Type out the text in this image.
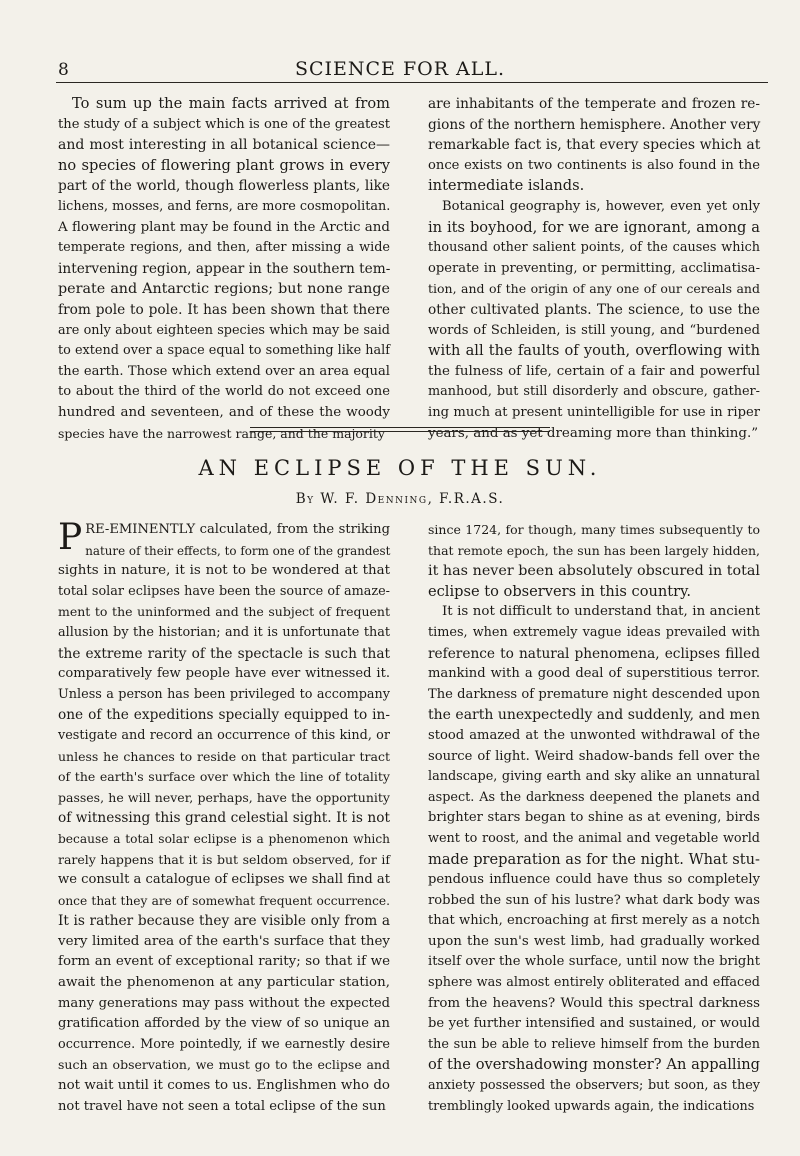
8	SCIENCE FOR ALL.
To sum up the main facts arrived at from
the study of a subject which is one of the greatest
and most interesting in all botanical science—
no species of flowering plant grows in every
part of the world, though flowerless plants, like
lichens, mosses, and ferns, are more cosmopolitan.
A flowering plant may be found in the Arctic and
temperate regions, and then, after missing a wide
intervening region, appear in the southern tem-
perate and Antarctic regions; but none range
from pole to pole. It has been shown that there
are only about eighteen species which may be said
to extend over a space equal to something like half
the earth. Those which extend over an area equal
to about the third of the world do not exceed one
hundred and seventeen, and of these the woody
species have the narrowest range, and the majority
are inhabitants of the temperate and frozen re-
gions of the northern hemisphere. Another very
remarkable fact is, that every species which at
once exists on two continents is also found in the
intermediate islands.
Botanical geography is, however, even yet only
in its boyhood, for we are ignorant, among a
thousand other salient points, of the causes which
operate in preventing, or permitting, acclimatisa-
tion, and of the origin of any one of our cereals and
other cultivated plants. The science, to use the
words of Schleiden, is still young, and “burdened
with all the faults of youth, overflowing with
the fulness of life, certain of a fair and powerful
manhood, but still disorderly and obscure, gather-
ing much at present unintelligible for use in riper
years, and as yet dreaming more than thinking.”
AN ECLIPSE OF THE SUN.
By W. F. Denning, F.R.A.S.
P RE-EMINENTLY calculated, from the striking
nature of their effects, to form one of the grandest
sights in nature, it is not to be wondered at that
total solar eclipses have been the source of amaze-
ment to the uninformed and the subject of frequent
allusion by the historian; and it is unfortunate that
the extreme rarity of the spectacle is such that
comparatively few people have ever witnessed it.
Unless a person has been privileged to accompany
one of the expeditions specially equipped to in-
vestigate and record an occurrence of this kind, or
unless he chances to reside on that particular tract
of the earth's surface over which the line of totality
passes, he will never, perhaps, have the opportunity
of witnessing this grand celestial sight. It is not
because a total solar eclipse is a phenomenon which
rarely happens that it is but seldom observed, for if
we consult a catalogue of eclipses we shall find at
once that they are of somewhat frequent occurrence.
It is rather because they are visible only from a
very limited area of the earth's surface that they
form an event of exceptional rarity; so that if we
await the phenomenon at any particular station,
many generations may pass without the expected
gratification afforded by the view of so unique an
occurrence. More pointedly, if we earnestly desire
such an observation, we must go to the eclipse and
not wait until it comes to us. Englishmen who do
not travel have not seen a total eclipse of the sun
since 1724, for though, many times subsequently to
that remote epoch, the sun has been largely hidden,
it has never been absolutely obscured in total
eclipse to observers in this country.
It is not difficult to understand that, in ancient
times, when extremely vague ideas prevailed with
reference to natural phenomena, eclipses filled
mankind with a good deal of superstitious terror.
The darkness of premature night descended upon
the earth unexpectedly and suddenly, and men
stood amazed at the unwonted withdrawal of the
source of light. Weird shadow-bands fell over the
landscape, giving earth and sky alike an unnatural
aspect. As the darkness deepened the planets and
brighter stars began to shine as at evening, birds
went to roost, and the animal and vegetable world
made preparation as for the night. What stu-
pendous influence could have thus so completely
robbed the sun of his lustre? what dark body was
that which, encroaching at first merely as a notch
upon the sun's west limb, had gradually worked
itself over the whole surface, until now the bright
sphere was almost entirely obliterated and effaced
from the heavens? Would this spectral darkness
be yet further intensified and sustained, or would
the sun be able to relieve himself from the burden
of the overshadowing monster? An appalling
anxiety possessed the observers; but soon, as they
tremblingly looked upwards again, the indications
